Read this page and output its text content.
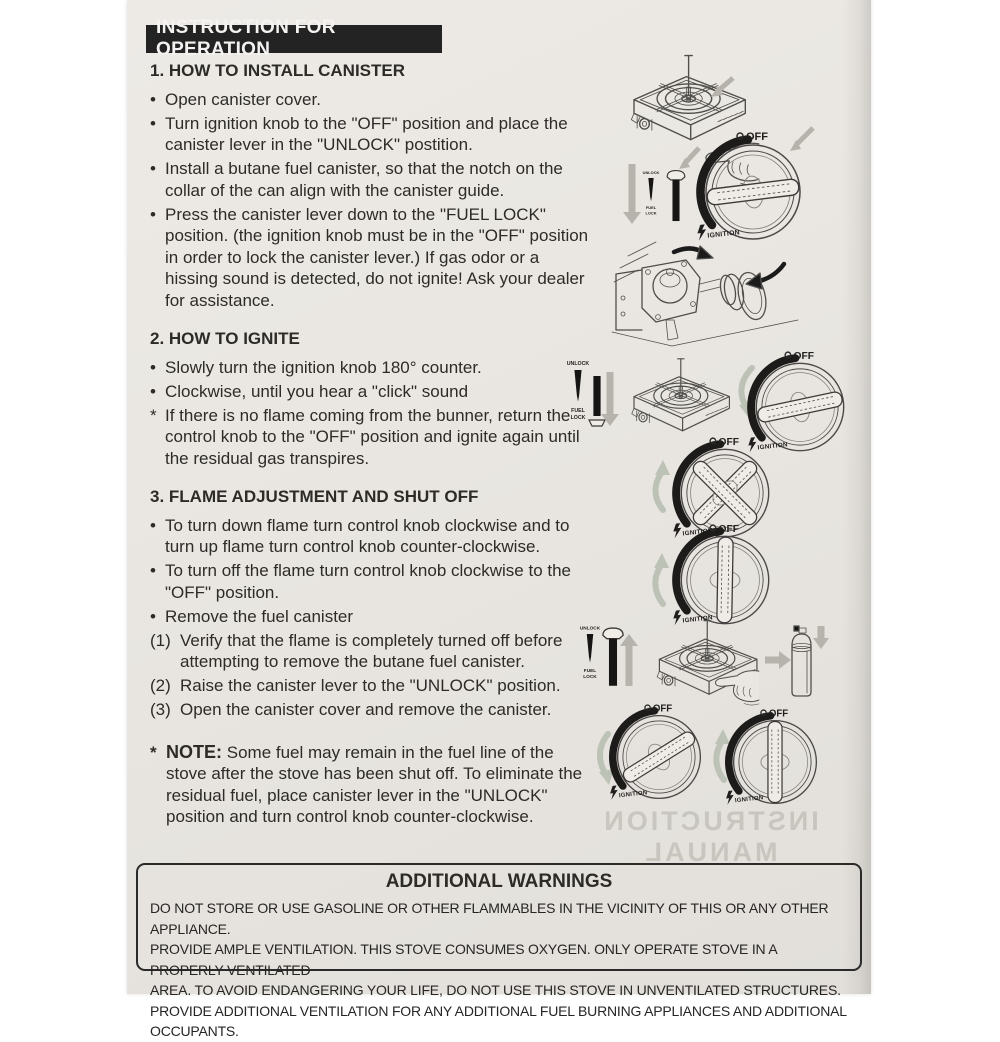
INSTRUCTION FOR OPERATION
1. HOW TO INSTALL CANISTER
• Open canister cover.
• Turn ignition knob to the "OFF" position and place the canister lever in the "UNLOCK" postition.
• Install a butane fuel canister, so that the notch on the collar of the can align with the canister guide.
• Press the canister lever down to the "FUEL LOCK" position. (the ignition knob must be in the "OFF" position in order to lock the canister lever.) If gas odor or a hissing sound is detected, do not ignite! Ask your dealer for assistance.
2. HOW TO IGNITE
• Slowly turn the ignition knob 180° counter.
• Clockwise, until you hear a "click" sound
* If there is no flame coming from the bunner, return the control knob to the "OFF" position and ignite again until the residual gas transpires.
3. FLAME ADJUSTMENT AND SHUT OFF
• To turn down flame turn control knob clockwise and to turn up flame turn control knob counter-clockwise.
• To turn off the flame turn control knob clockwise to the "OFF" position.
• Remove the fuel canister
(1) Verify that the flame is completely turned off before attempting to remove the butane fuel canister.
(2) Raise the canister lever to the "UNLOCK" position.
(3) Open the canister cover and remove the canister.
* NOTE: Some fuel may remain in the fuel line of the stove after the stove has been shut off. To eliminate the residual fuel, place canister lever in the "UNLOCK" position and turn control knob counter-clockwise.	INSTRUCTION MANUAL
ADDITIONAL WARNINGS
DO NOT STORE OR USE GASOLINE OR OTHER FLAMMABLES IN THE VICINITY OF THIS OR ANY OTHER APPLIANCE.
PROVIDE AMPLE VENTILATION. THIS STOVE CONSUMES OXYGEN. ONLY OPERATE STOVE IN A PROPERLY VENTILATED
AREA. TO AVOID ENDANGERING YOUR LIFE, DO NOT USE THIS STOVE IN UNVENTILATED STRUCTURES.
PROVIDE ADDITIONAL VENTILATION FOR ANY ADDITIONAL FUEL BURNING APPLIANCES AND ADDITIONAL OCCUPANTS.
